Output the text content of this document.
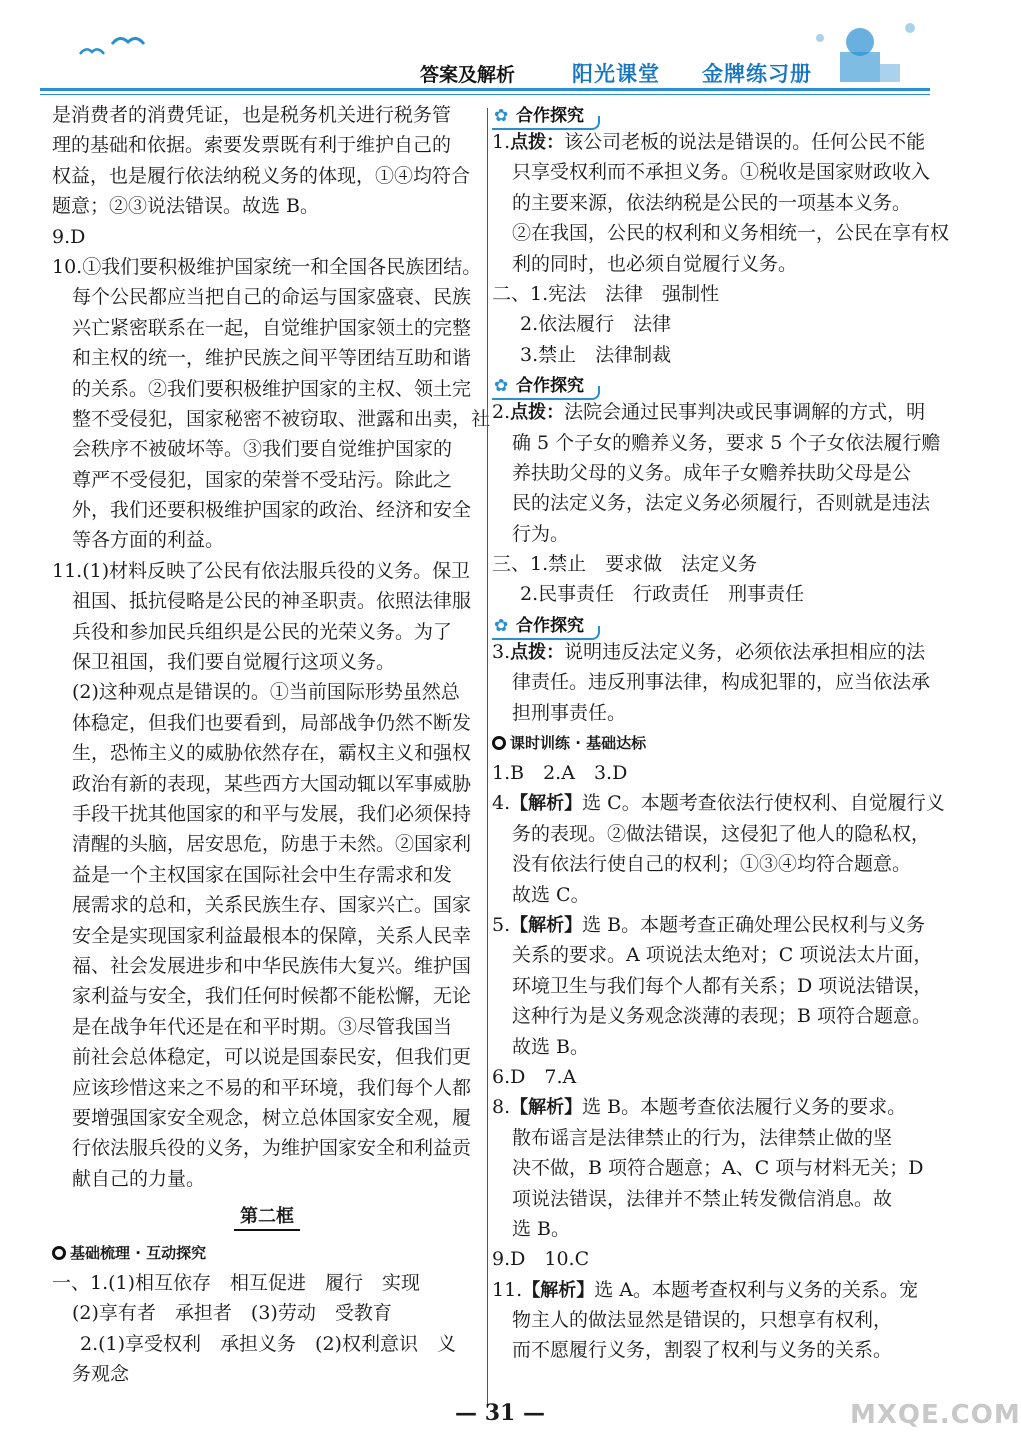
答案及解析	阳光课堂 金牌练习册
是消费者的消费凭证，也是税务机关进行税务管
理的基础和依据。索要发票既有利于维护自己的
权益，也是履行依法纳税义务的体现，①④均符合
题意；②③说法错误。故选 B。
9.D
10.①我们要积极维护国家统一和全国各民族团结。
每个公民都应当把自己的命运与国家盛衰、民族
兴亡紧密联系在一起，自觉维护国家领土的完整
和主权的统一，维护民族之间平等团结互助和谐
的关系。②我们要积极维护国家的主权、领土完
整不受侵犯，国家秘密不被窃取、泄露和出卖，社
会秩序不被破坏等。③我们要自觉维护国家的
尊严不受侵犯，国家的荣誉不受玷污。除此之
外，我们还要积极维护国家的政治、经济和安全
等各方面的利益。
11.(1)材料反映了公民有依法服兵役的义务。保卫
祖国、抵抗侵略是公民的神圣职责。依照法律服
兵役和参加民兵组织是公民的光荣义务。为了
保卫祖国，我们要自觉履行这项义务。
(2)这种观点是错误的。①当前国际形势虽然总
体稳定，但我们也要看到，局部战争仍然不断发
生，恐怖主义的威胁依然存在，霸权主义和强权
政治有新的表现，某些西方大国动辄以军事威胁
手段干扰其他国家的和平与发展，我们必须保持
清醒的头脑，居安思危，防患于未然。②国家利
益是一个主权国家在国际社会中生存需求和发
展需求的总和，关系民族生存、国家兴亡。国家
安全是实现国家利益最根本的保障，关系人民幸
福、社会发展进步和中华民族伟大复兴。维护国
家利益与安全，我们任何时候都不能松懈，无论
是在战争年代还是在和平时期。③尽管我国当
前社会总体稳定，可以说是国泰民安，但我们更
应该珍惜这来之不易的和平环境，我们每个人都
要增强国家安全观念，树立总体国家安全观，履
行依法服兵役的义务，为维护国家安全和利益贡
献自己的力量。
第二框
基础梳理 · 互动探究
一、1.(1)相互依存　相互促进　履行　实现
(2)享有者　承担者　(3)劳动　受教育
2.(1)享受权利　承担义务　(2)权利意识　义
务观念
✿ 合作探究
1.点拨：该公司老板的说法是错误的。任何公民不能
只享受权利而不承担义务。①税收是国家财政收入
的主要来源，依法纳税是公民的一项基本义务。
②在我国，公民的权利和义务相统一，公民在享有权
利的同时，也必须自觉履行义务。
二、1.宪法　法律　强制性
2.依法履行　法律
3.禁止　法律制裁
✿ 合作探究
2.点拨：法院会通过民事判决或民事调解的方式，明
确 5 个子女的赡养义务，要求 5 个子女依法履行赡
养扶助父母的义务。成年子女赡养扶助父母是公
民的法定义务，法定义务必须履行，否则就是违法
行为。
三、1.禁止　要求做　法定义务
2.民事责任　行政责任　刑事责任
✿ 合作探究
3.点拨：说明违反法定义务，必须依法承担相应的法
律责任。违反刑事法律，构成犯罪的，应当依法承
担刑事责任。
课时训练 · 基础达标
1.B　2.A　3.D
4.【解析】选 C。本题考查依法行使权利、自觉履行义
务的表现。②做法错误，这侵犯了他人的隐私权，
没有依法行使自己的权利；①③④均符合题意。
故选 C。
5.【解析】选 B。本题考查正确处理公民权利与义务
关系的要求。A 项说法太绝对；C 项说法太片面，
环境卫生与我们每个人都有关系；D 项说法错误，
这种行为是义务观念淡薄的表现；B 项符合题意。
故选 B。
6.D　7.A
8.【解析】选 B。本题考查依法履行义务的要求。
散布谣言是法律禁止的行为，法律禁止做的坚
决不做，B 项符合题意；A、C 项与材料无关；D
项说法错误，法律并不禁止转发微信消息。故
选 B。
9.D　10.C
11.【解析】选 A。本题考查权利与义务的关系。宠
物主人的做法显然是错误的，只想享有权利，
而不愿履行义务，割裂了权利与义务的关系。
— 31 —	MXQE.COM
